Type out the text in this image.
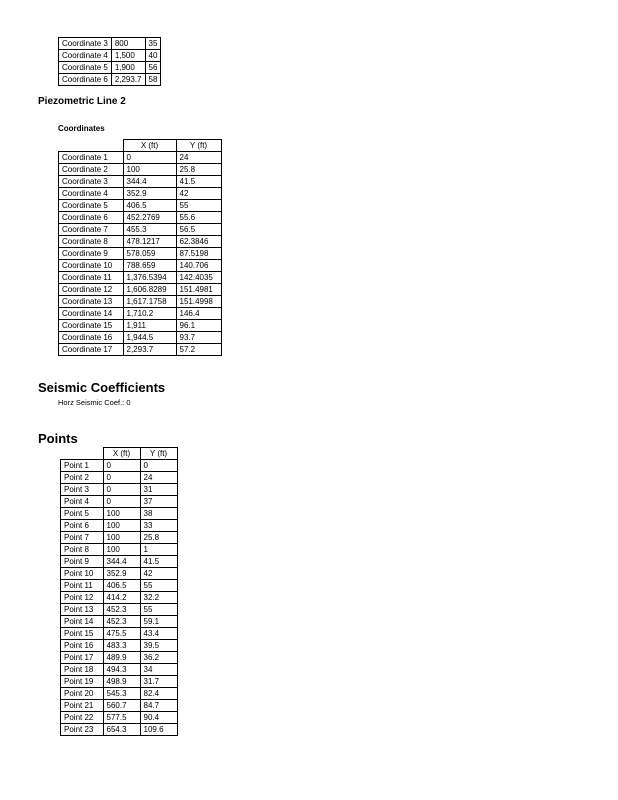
Coordinate 3	800	35
Coordinate 4	1,500	40
Coordinate 5	1,900	56
Coordinate 6	2,293.7	58
Piezometric Line 2
Coordinates
	X (ft)	Y (ft)
Coordinate 1	0	24
Coordinate 2	100	25.8
Coordinate 3	344.4	41.5
Coordinate 4	352.9	42
Coordinate 5	406.5	55
Coordinate 6	452.2769	55.6
Coordinate 7	455.3	56.5
Coordinate 8	478.1217	62.3846
Coordinate 9	578.059	87.5198
Coordinate 10	788.659	140.706
Coordinate 11	1,376.5394	142.4035
Coordinate 12	1,606.8289	151.4981
Coordinate 13	1,617.1758	151.4998
Coordinate 14	1,710.2	146.4
Coordinate 15	1,911	96.1
Coordinate 16	1,944.5	93.7
Coordinate 17	2,293.7	57.2
Seismic Coefficients
Horz Seismic Coef.: 0
Points
	X (ft)	Y (ft)
Point 1	0	0
Point 2	0	24
Point 3	0	31
Point 4	0	37
Point 5	100	38
Point 6	100	33
Point 7	100	25.8
Point 8	100	1
Point 9	344.4	41.5
Point 10	352.9	42
Point 11	406.5	55
Point 12	414.2	32.2
Point 13	452.3	55
Point 14	452.3	59.1
Point 15	475.5	43.4
Point 16	483.3	39.5
Point 17	489.9	36.2
Point 18	494.3	34
Point 19	498.9	31.7
Point 20	545.3	82.4
Point 21	560.7	84.7
Point 22	577.5	90.4
Point 23	654.3	109.6
